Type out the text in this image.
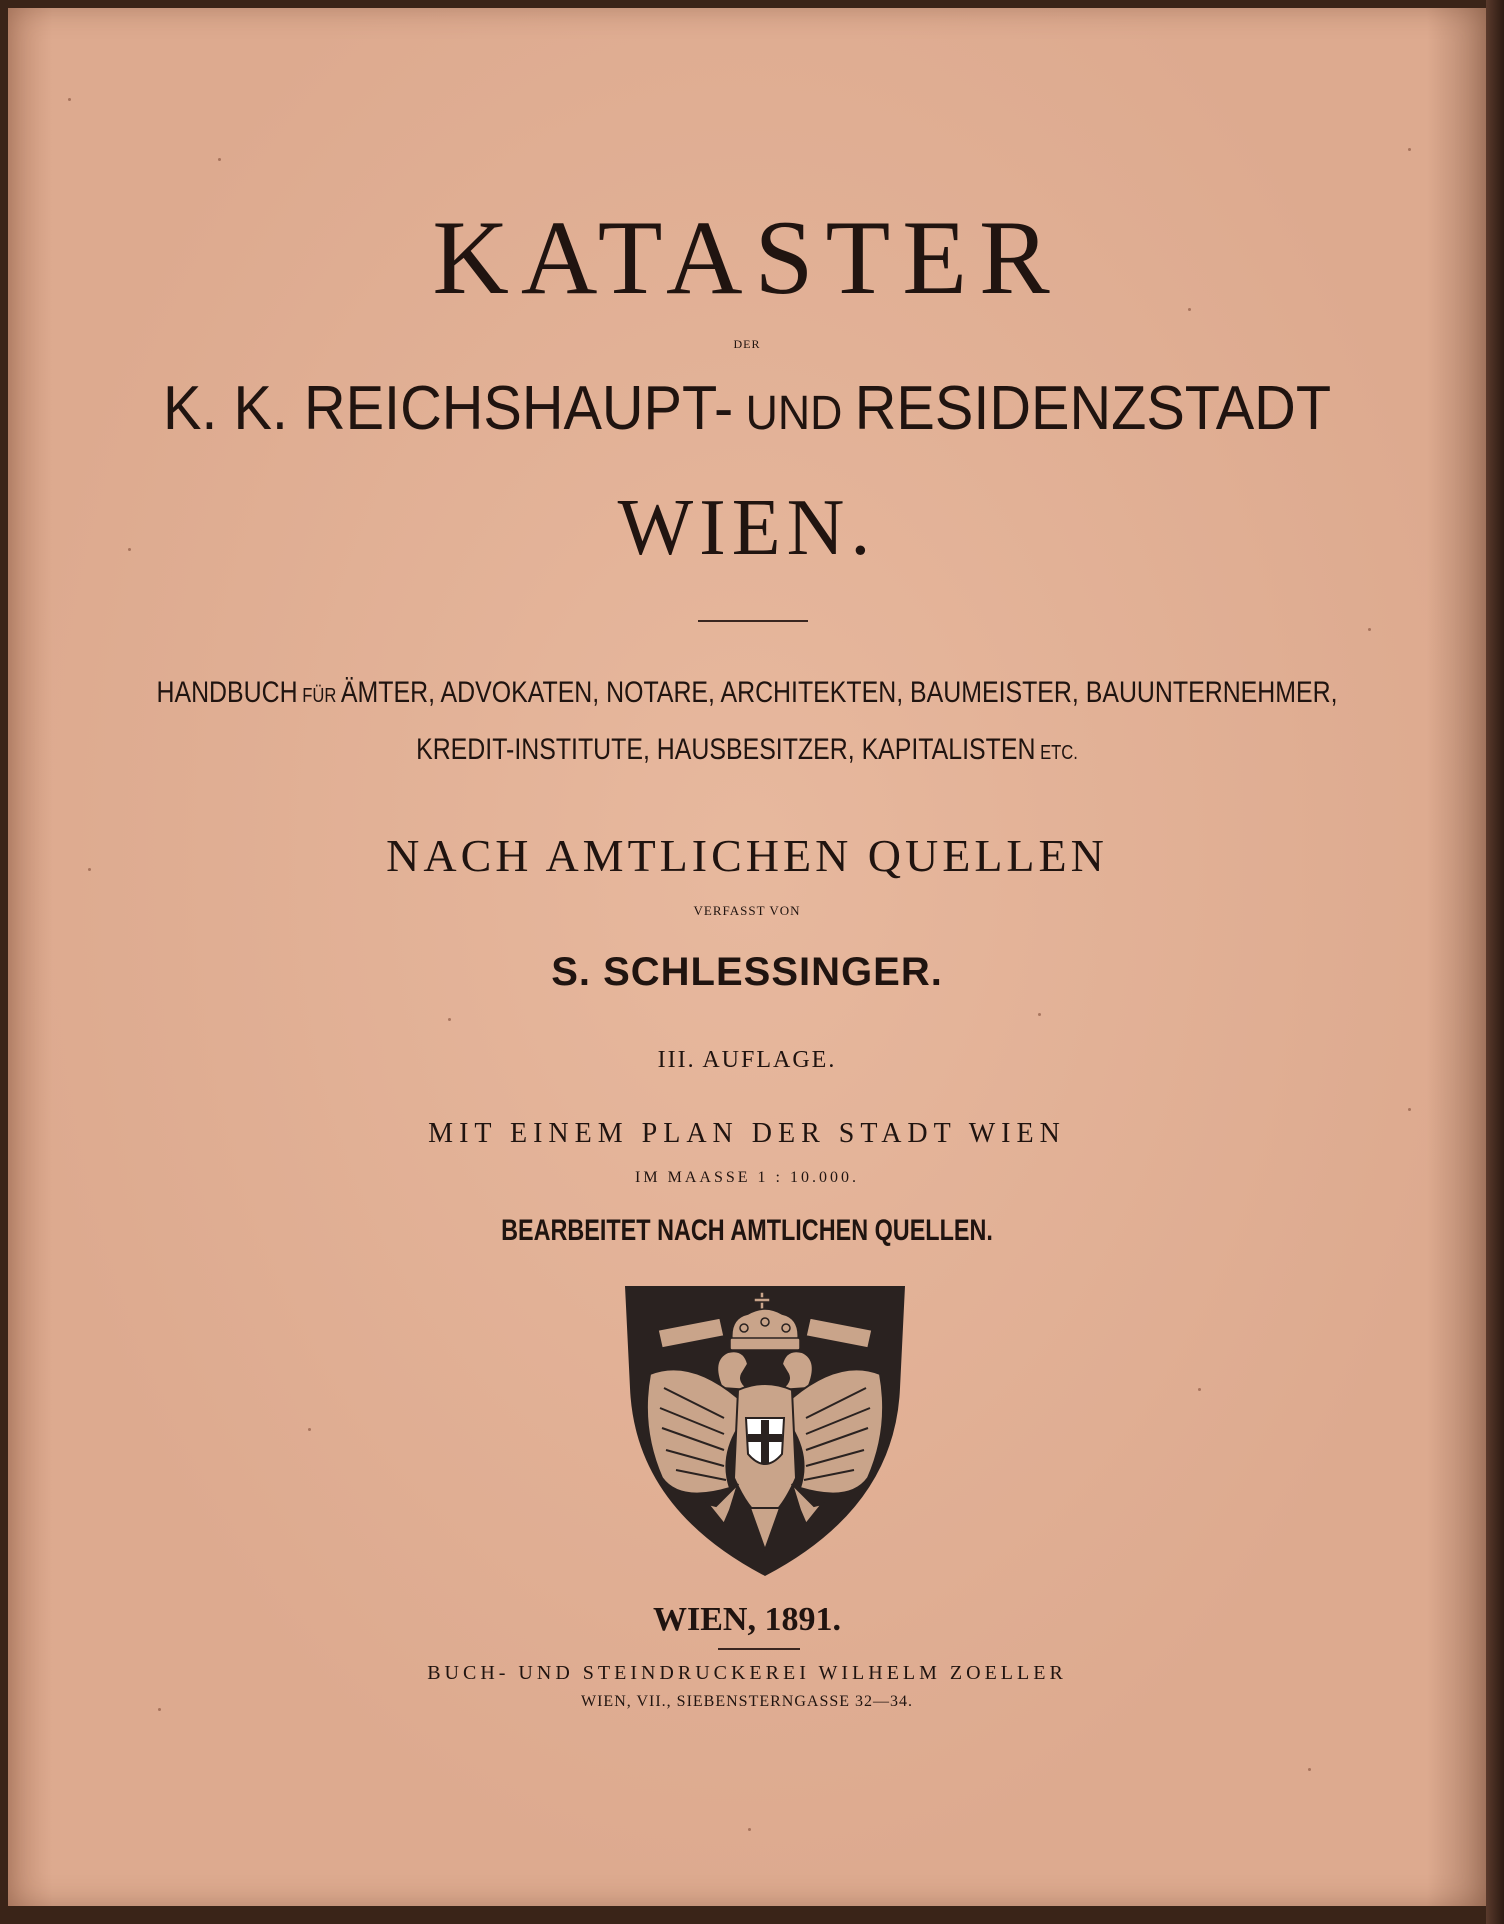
KATASTER
DER
K. K. REICHSHAUPT- UND RESIDENZSTADT
WIEN.
HANDBUCH FÜR ÄMTER, ADVOKATEN, NOTARE, ARCHITEKTEN, BAUMEISTER, BAUUNTERNEHMER,
KREDIT-INSTITUTE, HAUSBESITZER, KAPITALISTEN ETC.
NACH AMTLICHEN QUELLEN
VERFASST VON
S. SCHLESSINGER.
III. AUFLAGE.
MIT EINEM PLAN DER STADT WIEN
IM MAASSE 1 : 10.000.
BEARBEITET NACH AMTLICHEN QUELLEN.
WIEN, 1891.
BUCH- UND STEINDRUCKEREI WILHELM ZOELLER
WIEN, VII., SIEBENSTERNGASSE 32—34.
